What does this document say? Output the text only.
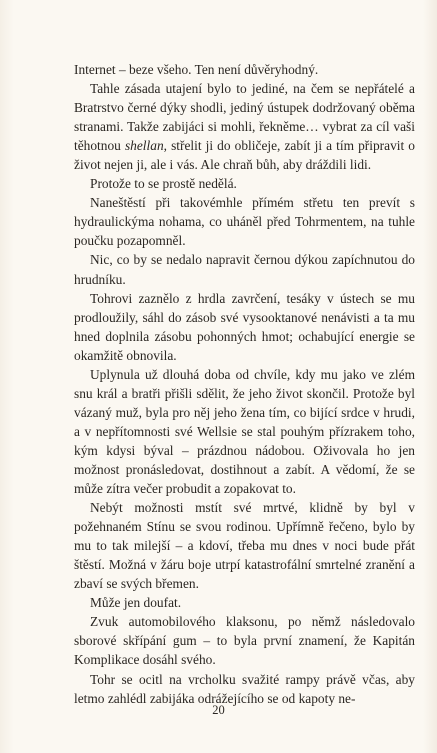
Internet – beze všeho. Ten není důvěryhodný.

Tahle zásada utajení bylo to jediné, na čem se nepřátelé a Bratrstvo černé dýky shodli, jediný ústupek dodržovaný oběma stranami. Takže zabijáci si mohli, řekněme… vybrat za cíl vaši těhotnou shellan, střelit ji do obličeje, zabít ji a tím připravit o život nejen ji, ale i vás. Ale chraň bůh, aby dráždili lidi.

Protože to se prostě nedělá.

Naneštěstí při takovémhle přímém střetu ten prevít s hydraulickýma nohama, co uháněl před Tohrmentem, na tuhle poučku pozapomněl.

Nic, co by se nedalo napravit černou dýkou zapíchnutou do hrudníku.

Tohrovi zaznělo z hrdla zavrčení, tesáky v ústech se mu prodloužily, sáhl do zásob své vysooktanové nenávisti a ta mu hned doplnila zásobu pohonných hmot; ochabující energie se okamžitě obnovila.

Uplynula už dlouhá doba od chvíle, kdy mu jako ve zlém snu král a bratři přišli sdělit, že jeho život skončil. Protože byl vázaný muž, byla pro něj jeho žena tím, co bijící srdce v hrudi, a v nepřítomnosti své Wellsie se stal pouhým přízrakem toho, kým kdysi býval – prázdnou nádobou. Oživovala ho jen možnost pronásledovat, dostihnout a zabít. A vědomí, že se může zítra večer probudit a zopakovat to.

Nebýt možnosti mstít své mrtvé, klidně by byl v požehnaném Stínu se svou rodinou. Upřímně řečeno, bylo by mu to tak milejší – a kdoví, třeba mu dnes v noci bude přát štěstí. Možná v žáru boje utrpí katastrofální smrtelné zranění a zbaví se svých břemen.

Může jen doufat.

Zvuk automobilového klaksonu, po němž následovalo sborové skřípání gum – to byla první znamení, že Kapitán Komplikace dosáhl svého.

Tohr se ocitl na vrcholku svažité rampy právě včas, aby letmo zahlédl zabijáka odrážejícího se od kapoty ne-

20
